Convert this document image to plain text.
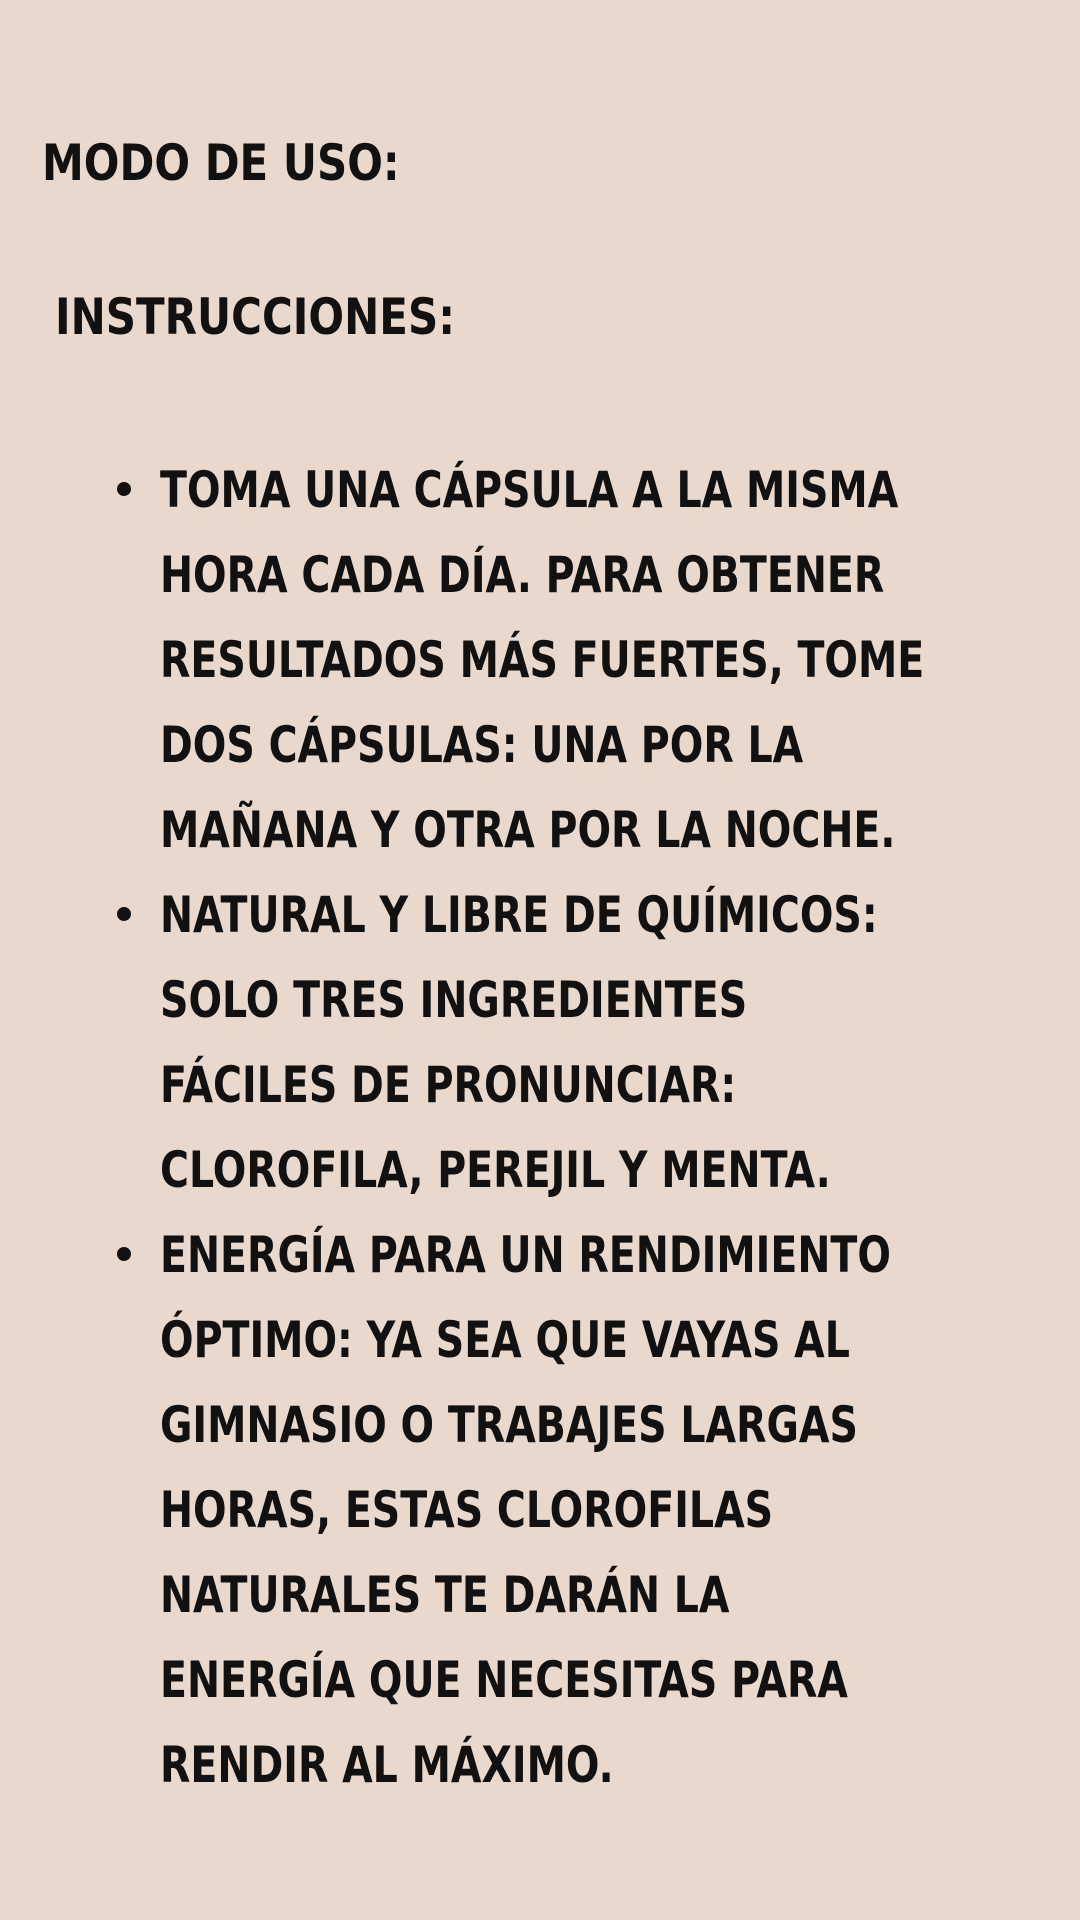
MODO DE USO:
INSTRUCCIONES:
TOMA UNA CÁPSULA A LA MISMA
HORA CADA DÍA. PARA OBTENER
RESULTADOS MÁS FUERTES, TOME
DOS CÁPSULAS: UNA POR LA
MAÑANA Y OTRA POR LA NOCHE.
NATURAL Y LIBRE DE QUÍMICOS:
SOLO TRES INGREDIENTES
FÁCILES DE PRONUNCIAR:
CLOROFILA, PEREJIL Y MENTA.
ENERGÍA PARA UN RENDIMIENTO
ÓPTIMO: YA SEA QUE VAYAS AL
GIMNASIO O TRABAJES LARGAS
HORAS, ESTAS CLOROFILAS
NATURALES TE DARÁN LA
ENERGÍA QUE NECESITAS PARA
RENDIR AL MÁXIMO.
